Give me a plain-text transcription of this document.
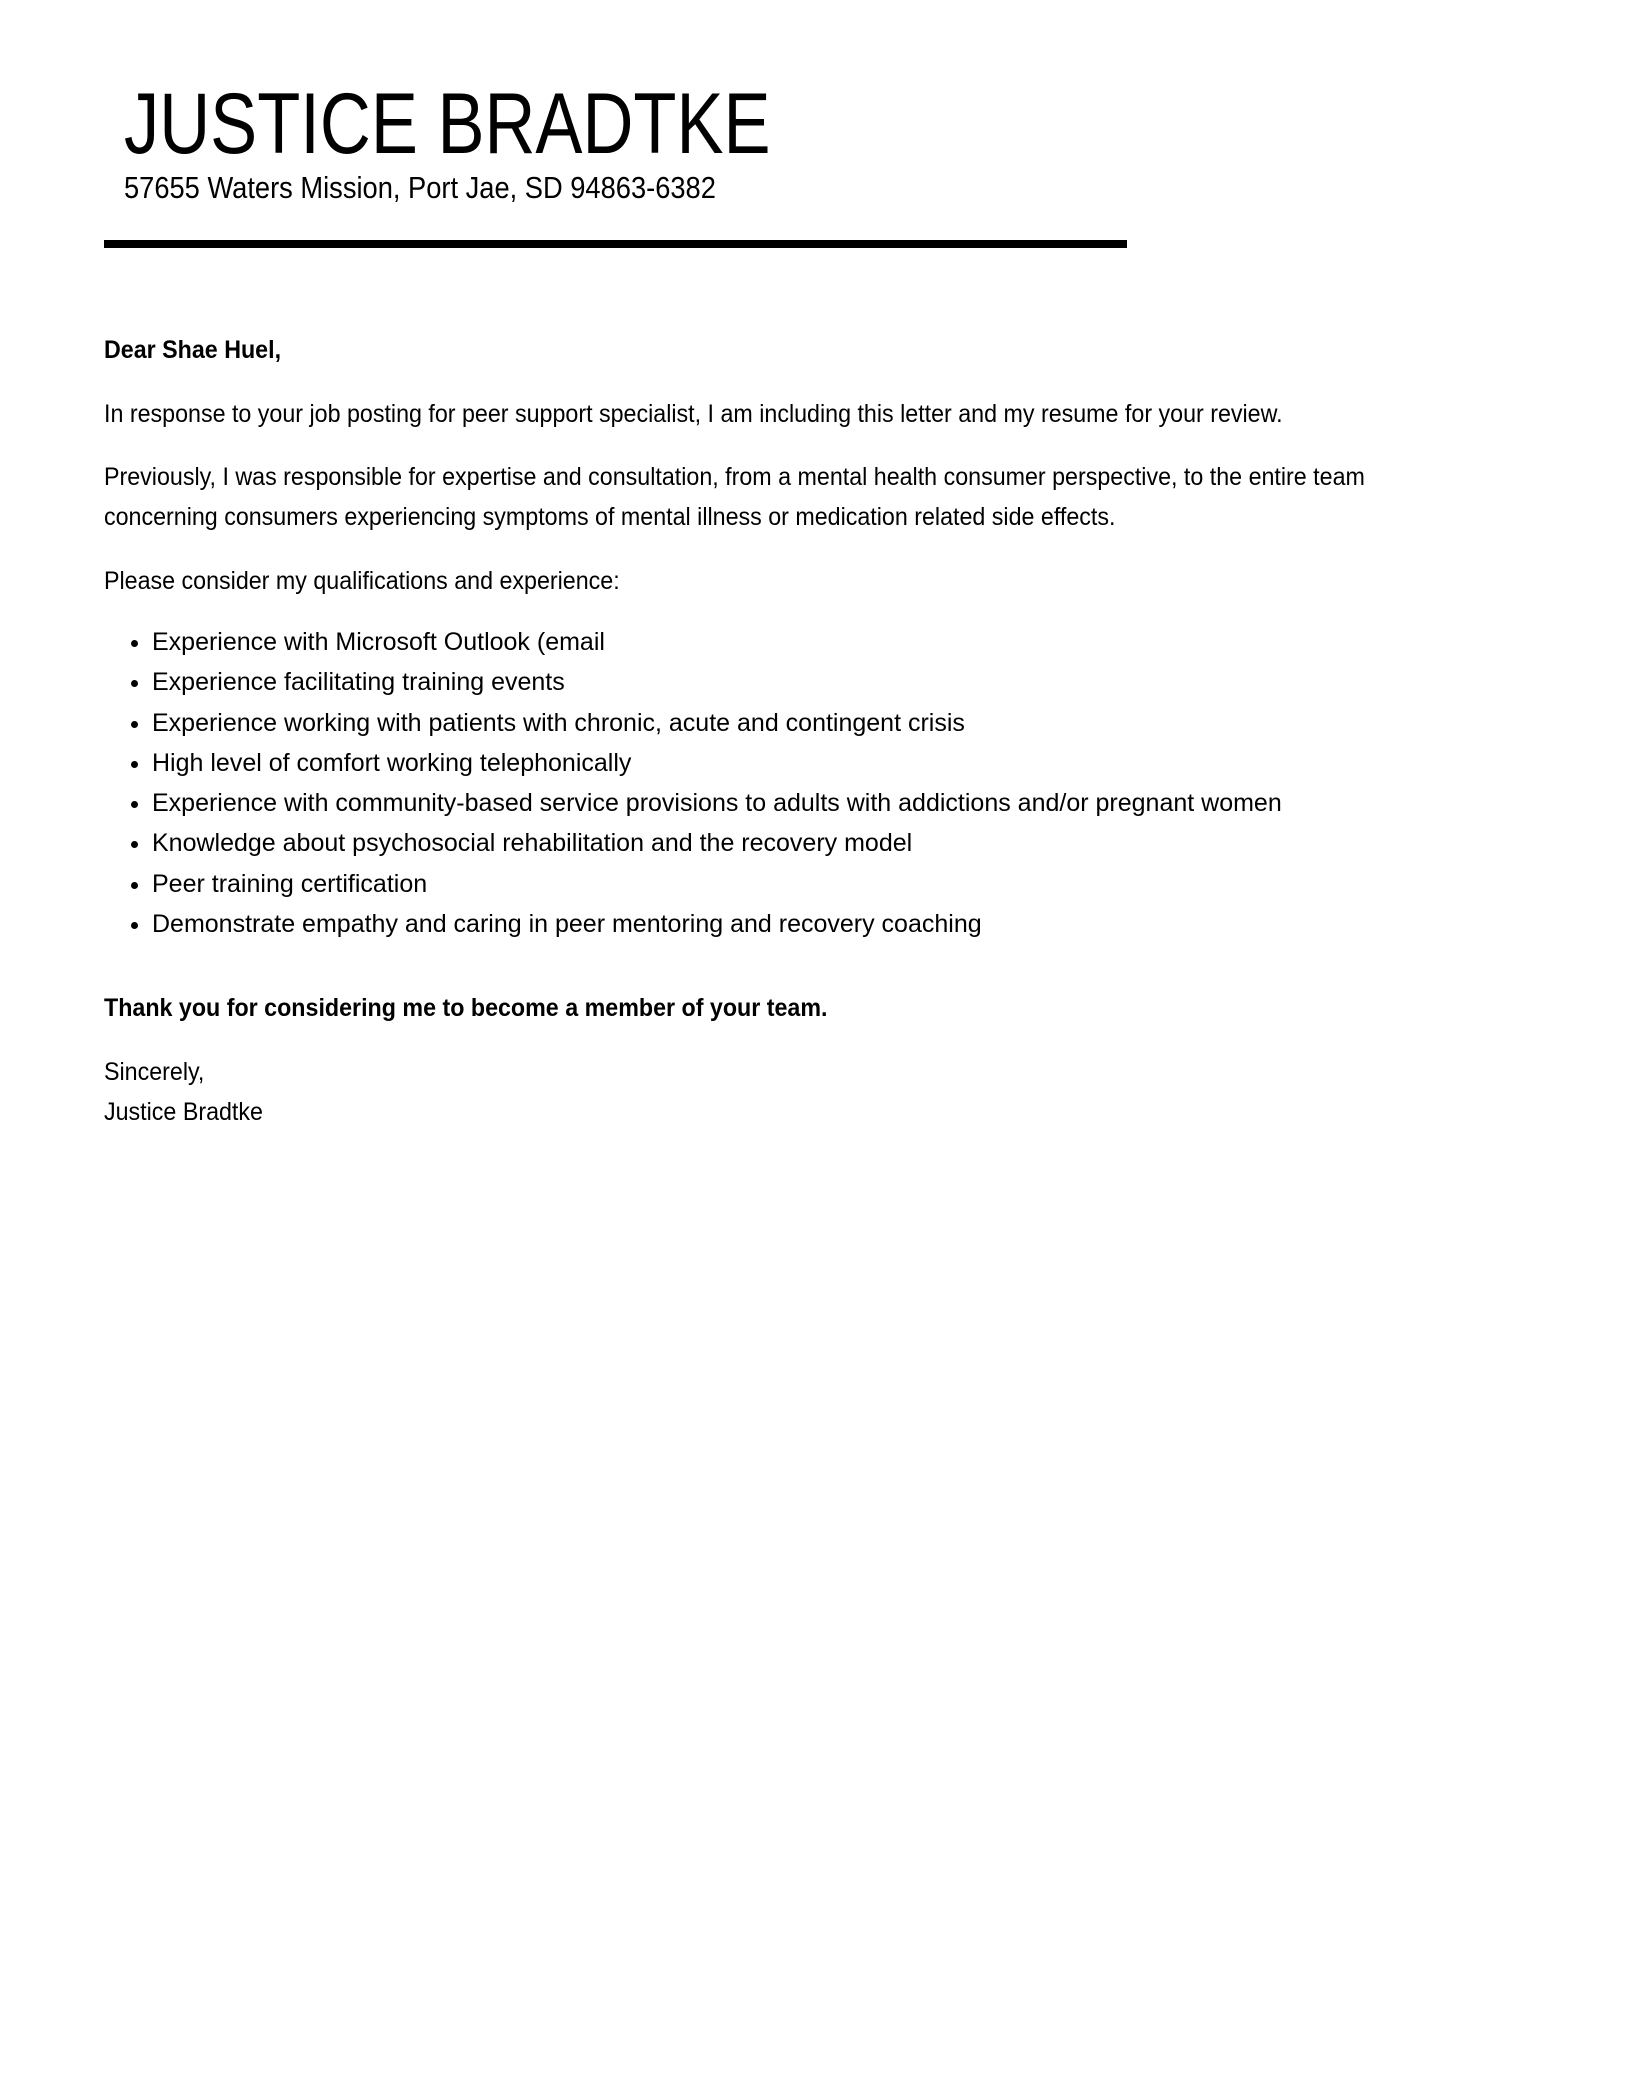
JUSTICE BRADTKE
57655 Waters Mission, Port Jae, SD 94863-6382
Dear Shae Huel,
In response to your job posting for peer support specialist, I am including this letter and my resume for your review.
Previously, I was responsible for expertise and consultation, from a mental health consumer perspective, to the entire team
concerning consumers experiencing symptoms of mental illness or medication related side effects.
Please consider my qualifications and experience:
• Experience with Microsoft Outlook (email
• Experience facilitating training events
• Experience working with patients with chronic, acute and contingent crisis
• High level of comfort working telephonically
• Experience with community-based service provisions to adults with addictions and/or pregnant women
• Knowledge about psychosocial rehabilitation and the recovery model
• Peer training certification
• Demonstrate empathy and caring in peer mentoring and recovery coaching
Thank you for considering me to become a member of your team.
Sincerely,
Justice Bradtke
